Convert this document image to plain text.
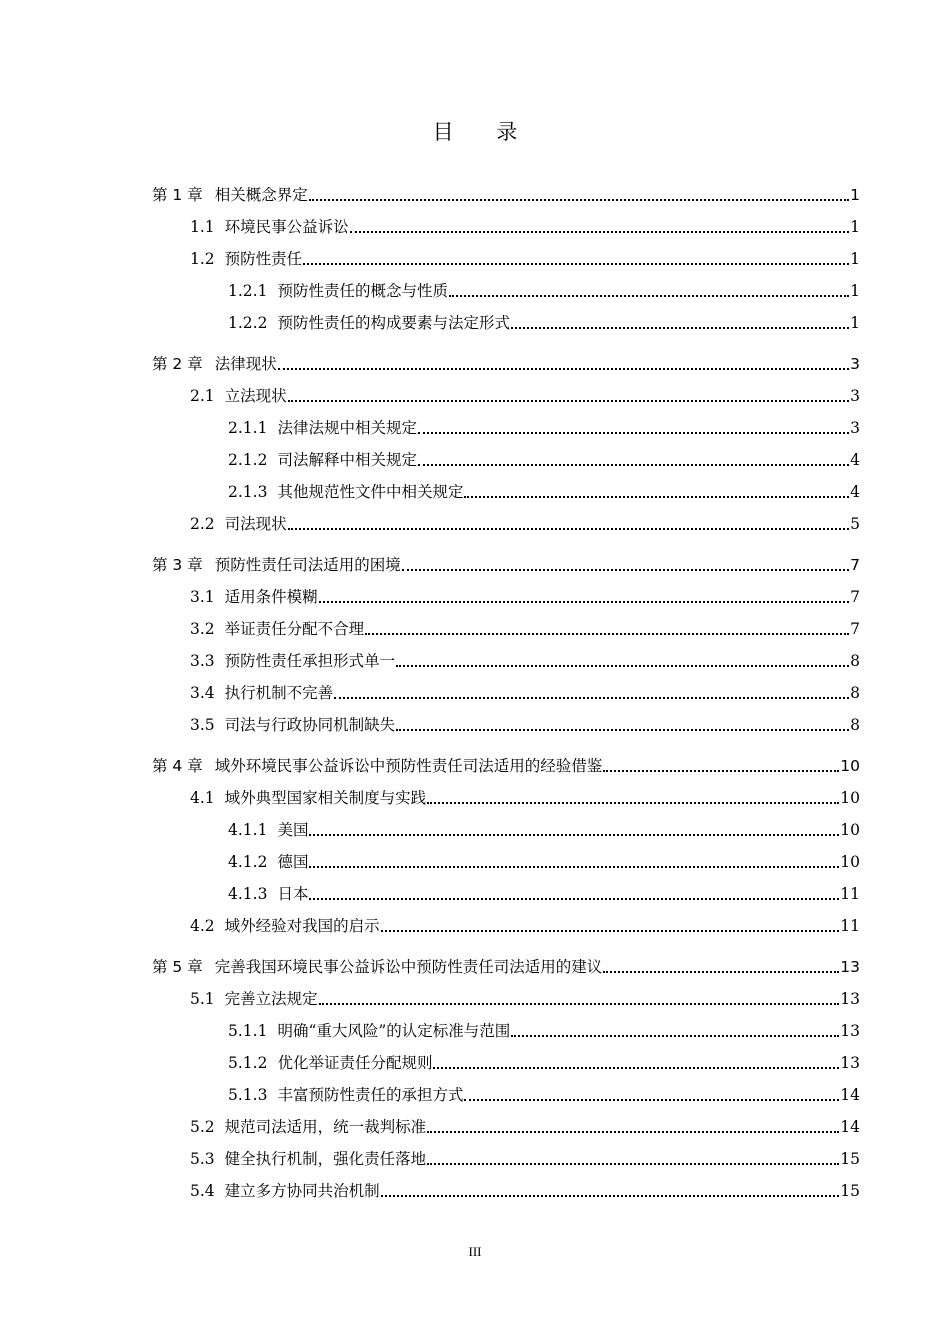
目 录
第 1 章 相关概念界定	1
1.1 环境民事公益诉讼	1
1.2 预防性责任	1
1.2.1 预防性责任的概念与性质	1
1.2.2 预防性责任的构成要素与法定形式	1
第 2 章 法律现状	3
2.1 立法现状	3
2.1.1 法律法规中相关规定	3
2.1.2 司法解释中相关规定	4
2.1.3 其他规范性文件中相关规定	4
2.2 司法现状	5
第 3 章 预防性责任司法适用的困境	7
3.1 适用条件模糊	7
3.2 举证责任分配不合理	7
3.3 预防性责任承担形式单一	8
3.4 执行机制不完善	8
3.5 司法与行政协同机制缺失	8
第 4 章 域外环境民事公益诉讼中预防性责任司法适用的经验借鉴	10
4.1 域外典型国家相关制度与实践	10
4.1.1 美国	10
4.1.2 德国	10
4.1.3 日本	11
4.2 域外经验对我国的启示	11
第 5 章 完善我国环境民事公益诉讼中预防性责任司法适用的建议	13
5.1 完善立法规定	13
5.1.1 明确“重大风险”的认定标准与范围	13
5.1.2 优化举证责任分配规则	13
5.1.3 丰富预防性责任的承担方式	14
5.2 规范司法适用，统一裁判标准	14
5.3 健全执行机制，强化责任落地	15
5.4 建立多方协同共治机制	15
III
